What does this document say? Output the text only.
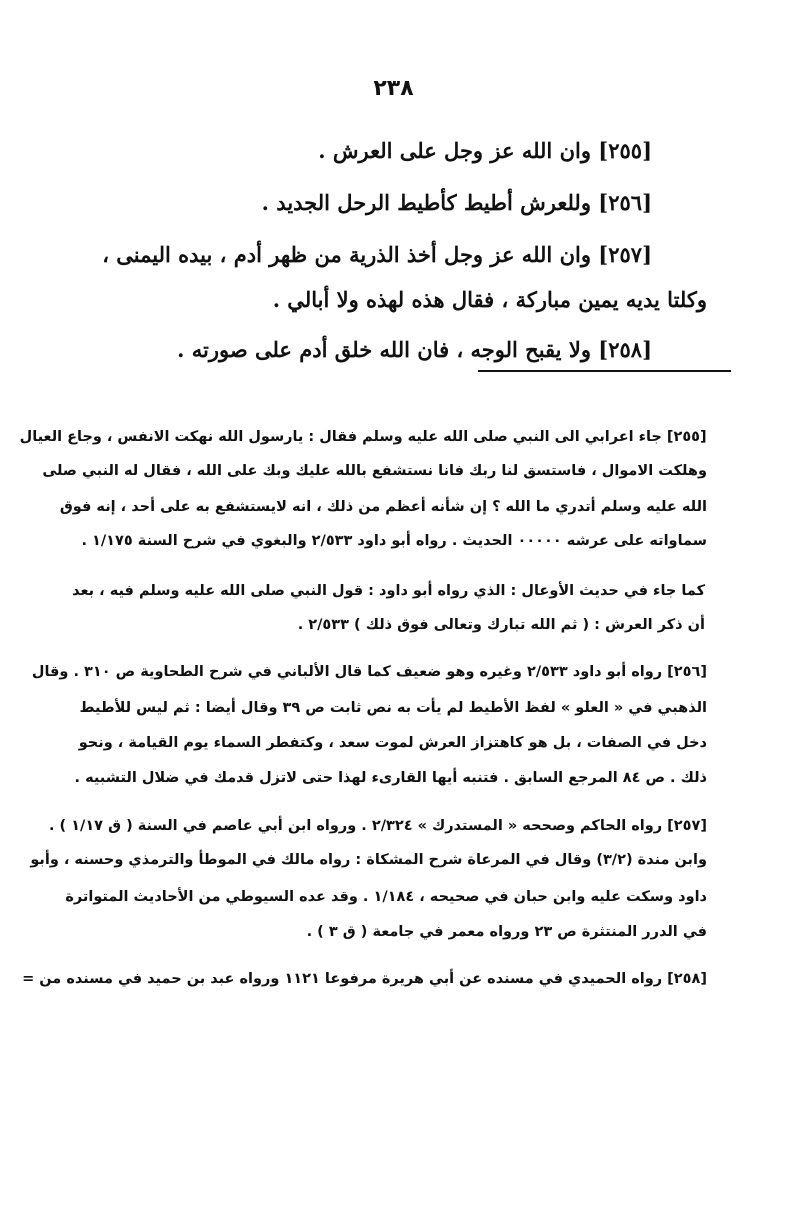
٢٣٨
[٢٥٥] وان الله عز وجل على العرش .
[٢٥٦] وللعرش أطيط كأطيط الرحل الجديد .
[٢٥٧] وان الله عز وجل أخذ الذرية من ظهر أدم ، بيده اليمنى ،
وكلتا يديه يمين مباركة ، فقال هذه لهذه ولا أبالي .
[٢٥٨] ولا يقبح الوجه ، فان الله خلق أدم على صورته .
[٢٥٥] جاء اعرابي الى النبي صلى الله عليه وسلم فقال : يارسول الله نهكت الانفس ، وجاع العيال
وهلكت الاموال ، فاستسق لنا ربك فانا نستشفع بالله عليك وبك على الله ، فقال له النبي صلى
الله عليه وسلم أتدري ما الله ؟ إن شأنه أعظم من ذلك ، انه لايستشفع به على أحد ، إنه فوق
سماواته على عرشه ٠٠٠٠٠ الحديث . رواه أبو داود ٢/٥٣٣ والبغوي في شرح السنة ١/١٧٥ .
كما جاء في حديث الأوعال : الذي رواه أبو داود : قول النبي صلى الله عليه وسلم فيه ، بعد
أن ذكر العرش : ( ثم الله تبارك وتعالى فوق ذلك ) ٢/٥٣٣ .
[٢٥٦] رواه أبو داود ٢/٥٣٣ وغيره وهو ضعيف كما قال الألباني في شرح الطحاوية ص ٣١٠ . وقال
الذهبي في « العلو » لفظ الأطيط لم يأت به نص ثابت ص ٣٩ وقال أيضا : ثم ليس للأطيط
دخل في الصفات ، بل هو كاهتزاز العرش لموت سعد ، وكتفطر السماء يوم القيامة ، ونحو
ذلك . ص ٨٤ المرجع السابق . فتنبه أيها القارىء لهذا حتى لاتزل قدمك في ضلال التشبيه .
[٢٥٧] رواه الحاكم وصححه « المستدرك » ٢/٣٢٤ . ورواه ابن أبي عاصم في السنة ( ق ١/١٧ ) .
وابن مندة (٣/٢) وقال في المرعاة شرح المشكاة : رواه مالك في الموطأ والترمذي وحسنه ، وأبو
داود وسكت عليه وابن حبان في صحيحه ، ١/١٨٤ . وقد عده السيوطي من الأحاديث المتواترة
في الدرر المنتثرة ص ٢٣ ورواه معمر في جامعة ( ق ٣ ) .
[٢٥٨] رواه الحميدي في مسنده عن أبي هريرة مرفوعا ١١٢١ ورواه عبد بن حميد في مسنده من =
